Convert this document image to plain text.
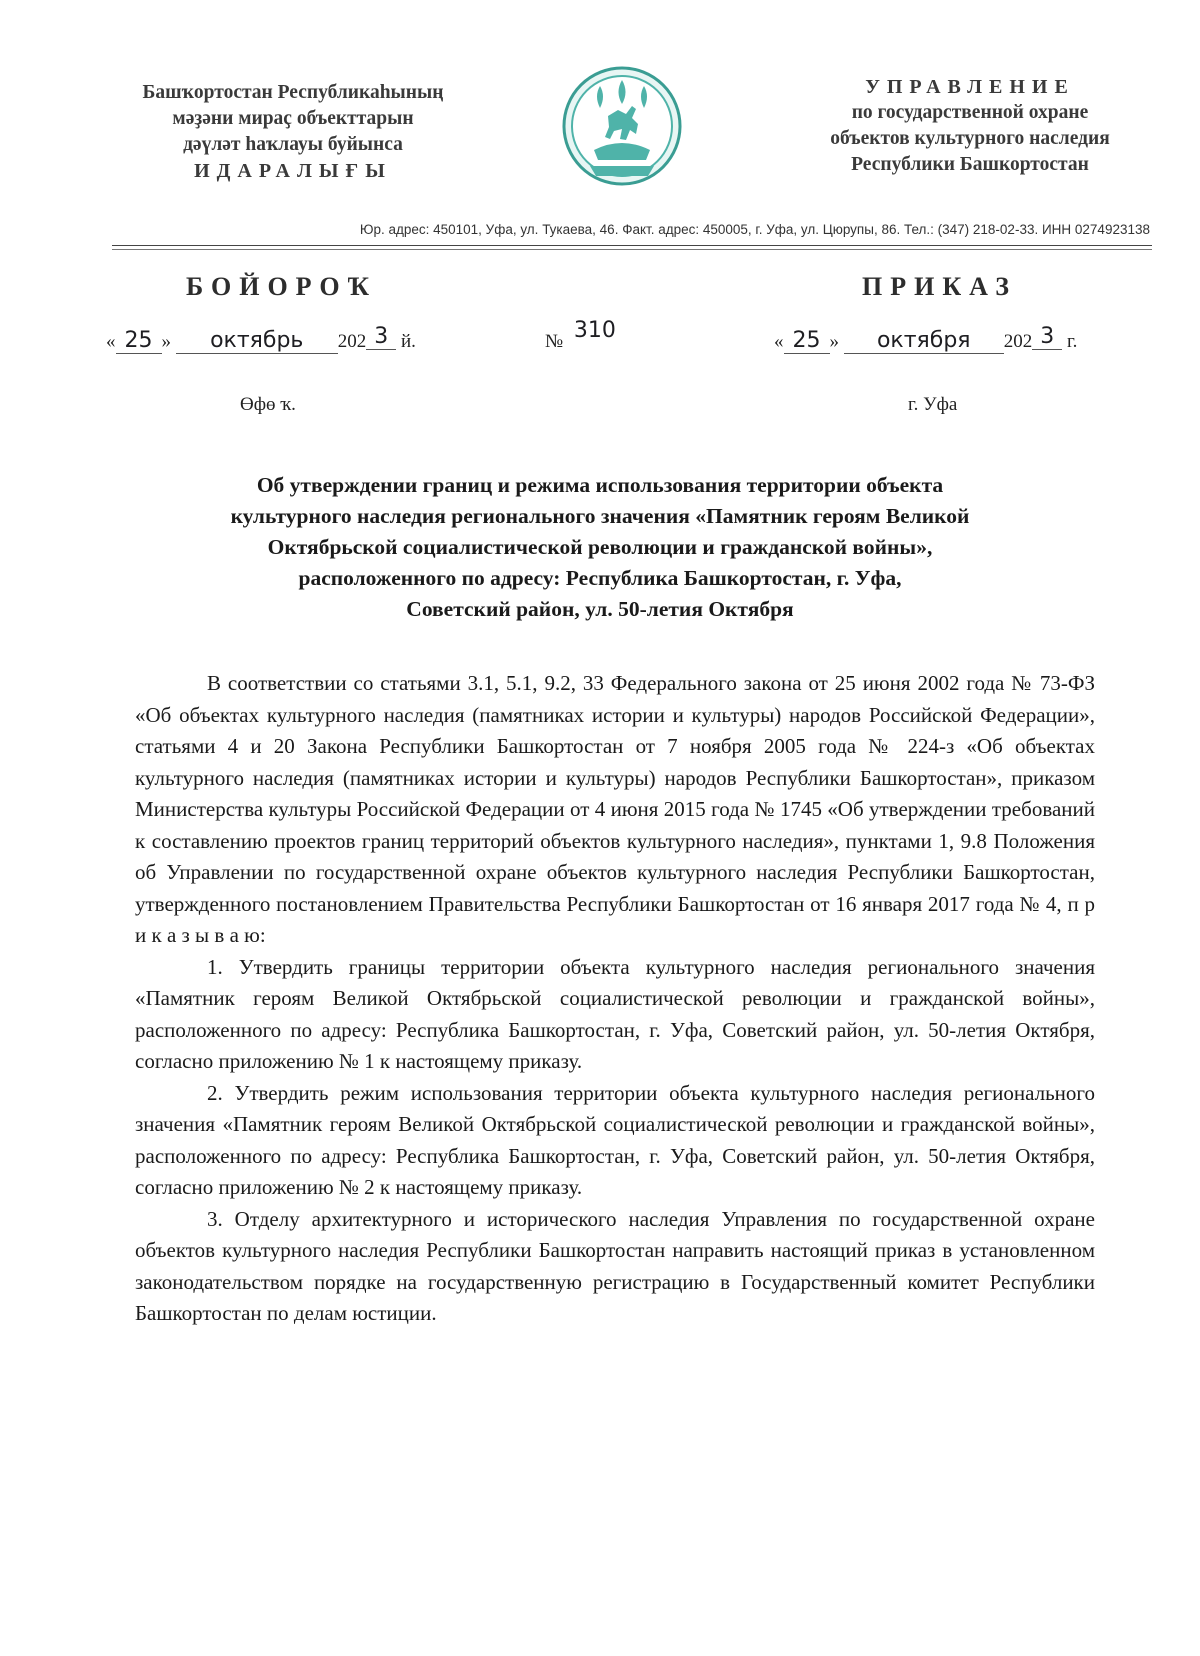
Башҡортостан Республикаһының
мәҙәни мираҫ объекттарын
дәүләт һаҡлауы буйынса
ИДАРАЛЫҒЫ
УПРАВЛЕНИЕ
по государственной охране
объектов культурного наследия
Республики Башкортостан
Юр. адрес: 450101, Уфа, ул. Тукаева, 46. Факт. адрес: 450005, г. Уфа, ул. Цюрупы, 86. Тел.: (347) 218-02-33. ИНН 0274923138
БОЙОРОҠ	ПРИКАЗ
« 25 » октябрь 202 3 й.	№ 310	« 25 » октября 202 3 г.
Өфө ҡ.	г. Уфа
Об утверждении границ и режима использования территории объекта
культурного наследия регионального значения «Памятник героям Великой
Октябрьской социалистической революции и гражданской войны»,
расположенного по адресу: Республика Башкортостан, г. Уфа,
Советский район, ул. 50-летия Октября

В соответствии со статьями 3.1, 5.1, 9.2, 33 Федерального закона от 25 июня 2002 года № 73-ФЗ «Об объектах культурного наследия (памятниках истории и культуры) народов Российской Федерации», статьями 4 и 20 Закона Республики Башкортостан от 7 ноября 2005 года № 224-з «Об объектах культурного наследия (памятниках истории и культуры) народов Республики Башкортостан», приказом Министерства культуры Российской Федерации от 4 июня 2015 года № 1745 «Об утверждении требований к составлению проектов границ территорий объектов культурного наследия», пунктами 1, 9.8 Положения об Управлении по государственной охране объектов культурного наследия Республики Башкортостан, утвержденного постановлением Правительства Республики Башкортостан от 16 января 2017 года № 4, п р и к а з ы в а ю:

1. Утвердить границы территории объекта культурного наследия регионального значения «Памятник героям Великой Октябрьской социалистической революции и гражданской войны», расположенного по адресу: Республика Башкортостан, г. Уфа, Советский район, ул. 50-летия Октября, согласно приложению № 1 к настоящему приказу.

2. Утвердить режим использования территории объекта культурного наследия регионального значения «Памятник героям Великой Октябрьской социалистической революции и гражданской войны», расположенного по адресу: Республика Башкортостан, г. Уфа, Советский район, ул. 50-летия Октября, согласно приложению № 2 к настоящему приказу.

3. Отделу архитектурного и исторического наследия Управления по государственной охране объектов культурного наследия Республики Башкортостан направить настоящий приказ в установленном законодательством порядке на государственную регистрацию в Государственный комитет Республики Башкортостан по делам юстиции.
